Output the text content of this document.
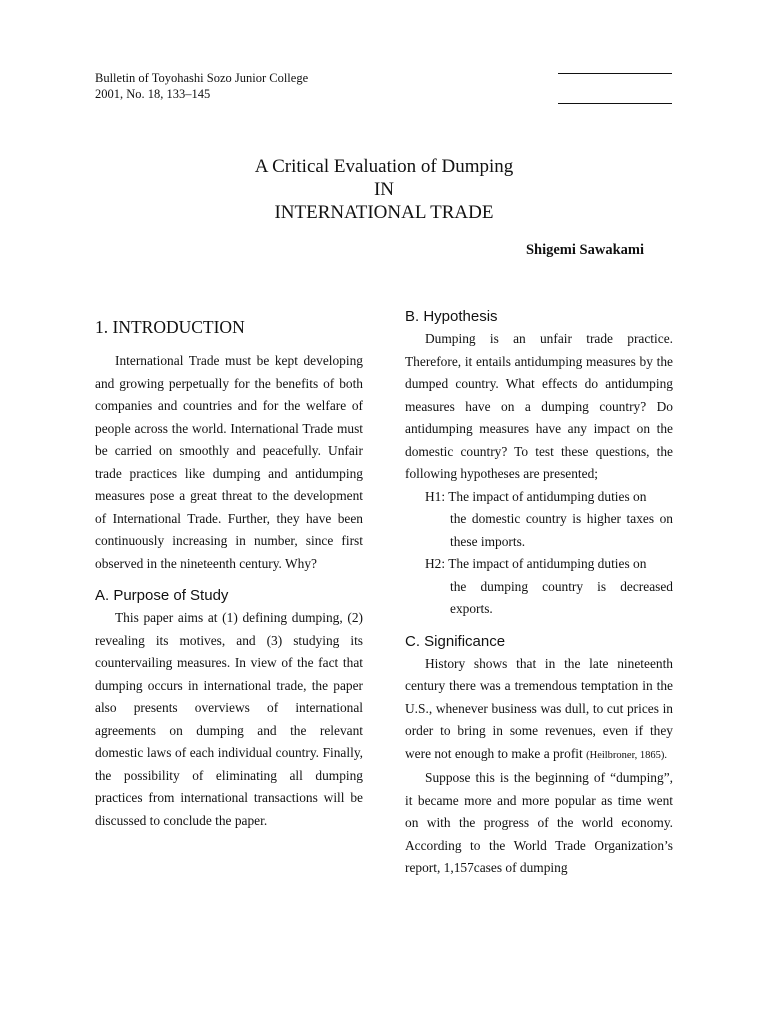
Bulletin of Toyohashi Sozo Junior College
2001, No. 18, 133–145
A Critical Evaluation of Dumping
IN
INTERNATIONAL TRADE
Shigemi Sawakami
1. INTRODUCTION

International Trade must be kept developing and growing perpetually for the benefits of both companies and countries and for the welfare of people across the world. International Trade must be carried on smoothly and peacefully. Unfair trade practices like dumping and antidumping measures pose a great threat to the development of International Trade. Further, they have been continuously increasing in number, since first observed in the nineteenth century. Why?

A. Purpose of Study

This paper aims at (1) defining dumping, (2) revealing its motives, and (3) studying its countervailing measures. In view of the fact that dumping occurs in international trade, the paper also presents overviews of international agreements on dumping and the relevant domestic laws of each individual country. Finally, the possibility of eliminating all dumping practices from international transactions will be discussed to conclude the paper.

B. Hypothesis

Dumping is an unfair trade practice. Therefore, it entails antidumping measures by the dumped country. What effects do antidumping measures have on a dumping country? Do antidumping measures have any impact on the domestic country? To test these questions, the following hypotheses are presented;

H1: The impact of antidumping duties on
the domestic country is higher taxes on these imports.
H2: The impact of antidumping duties on
the dumping country is decreased exports.
C. Significance

History shows that in the late nineteenth century there was a tremendous temptation in the U.S., whenever business was dull, to cut prices in order to bring in some revenues, even if they were not enough to make a profit (Heilbroner, 1865).

Suppose this is the beginning of “dumping”, it became more and more popular as time went on with the progress of the world economy. According to the World Trade Organization’s report, 1,157cases of dumping
